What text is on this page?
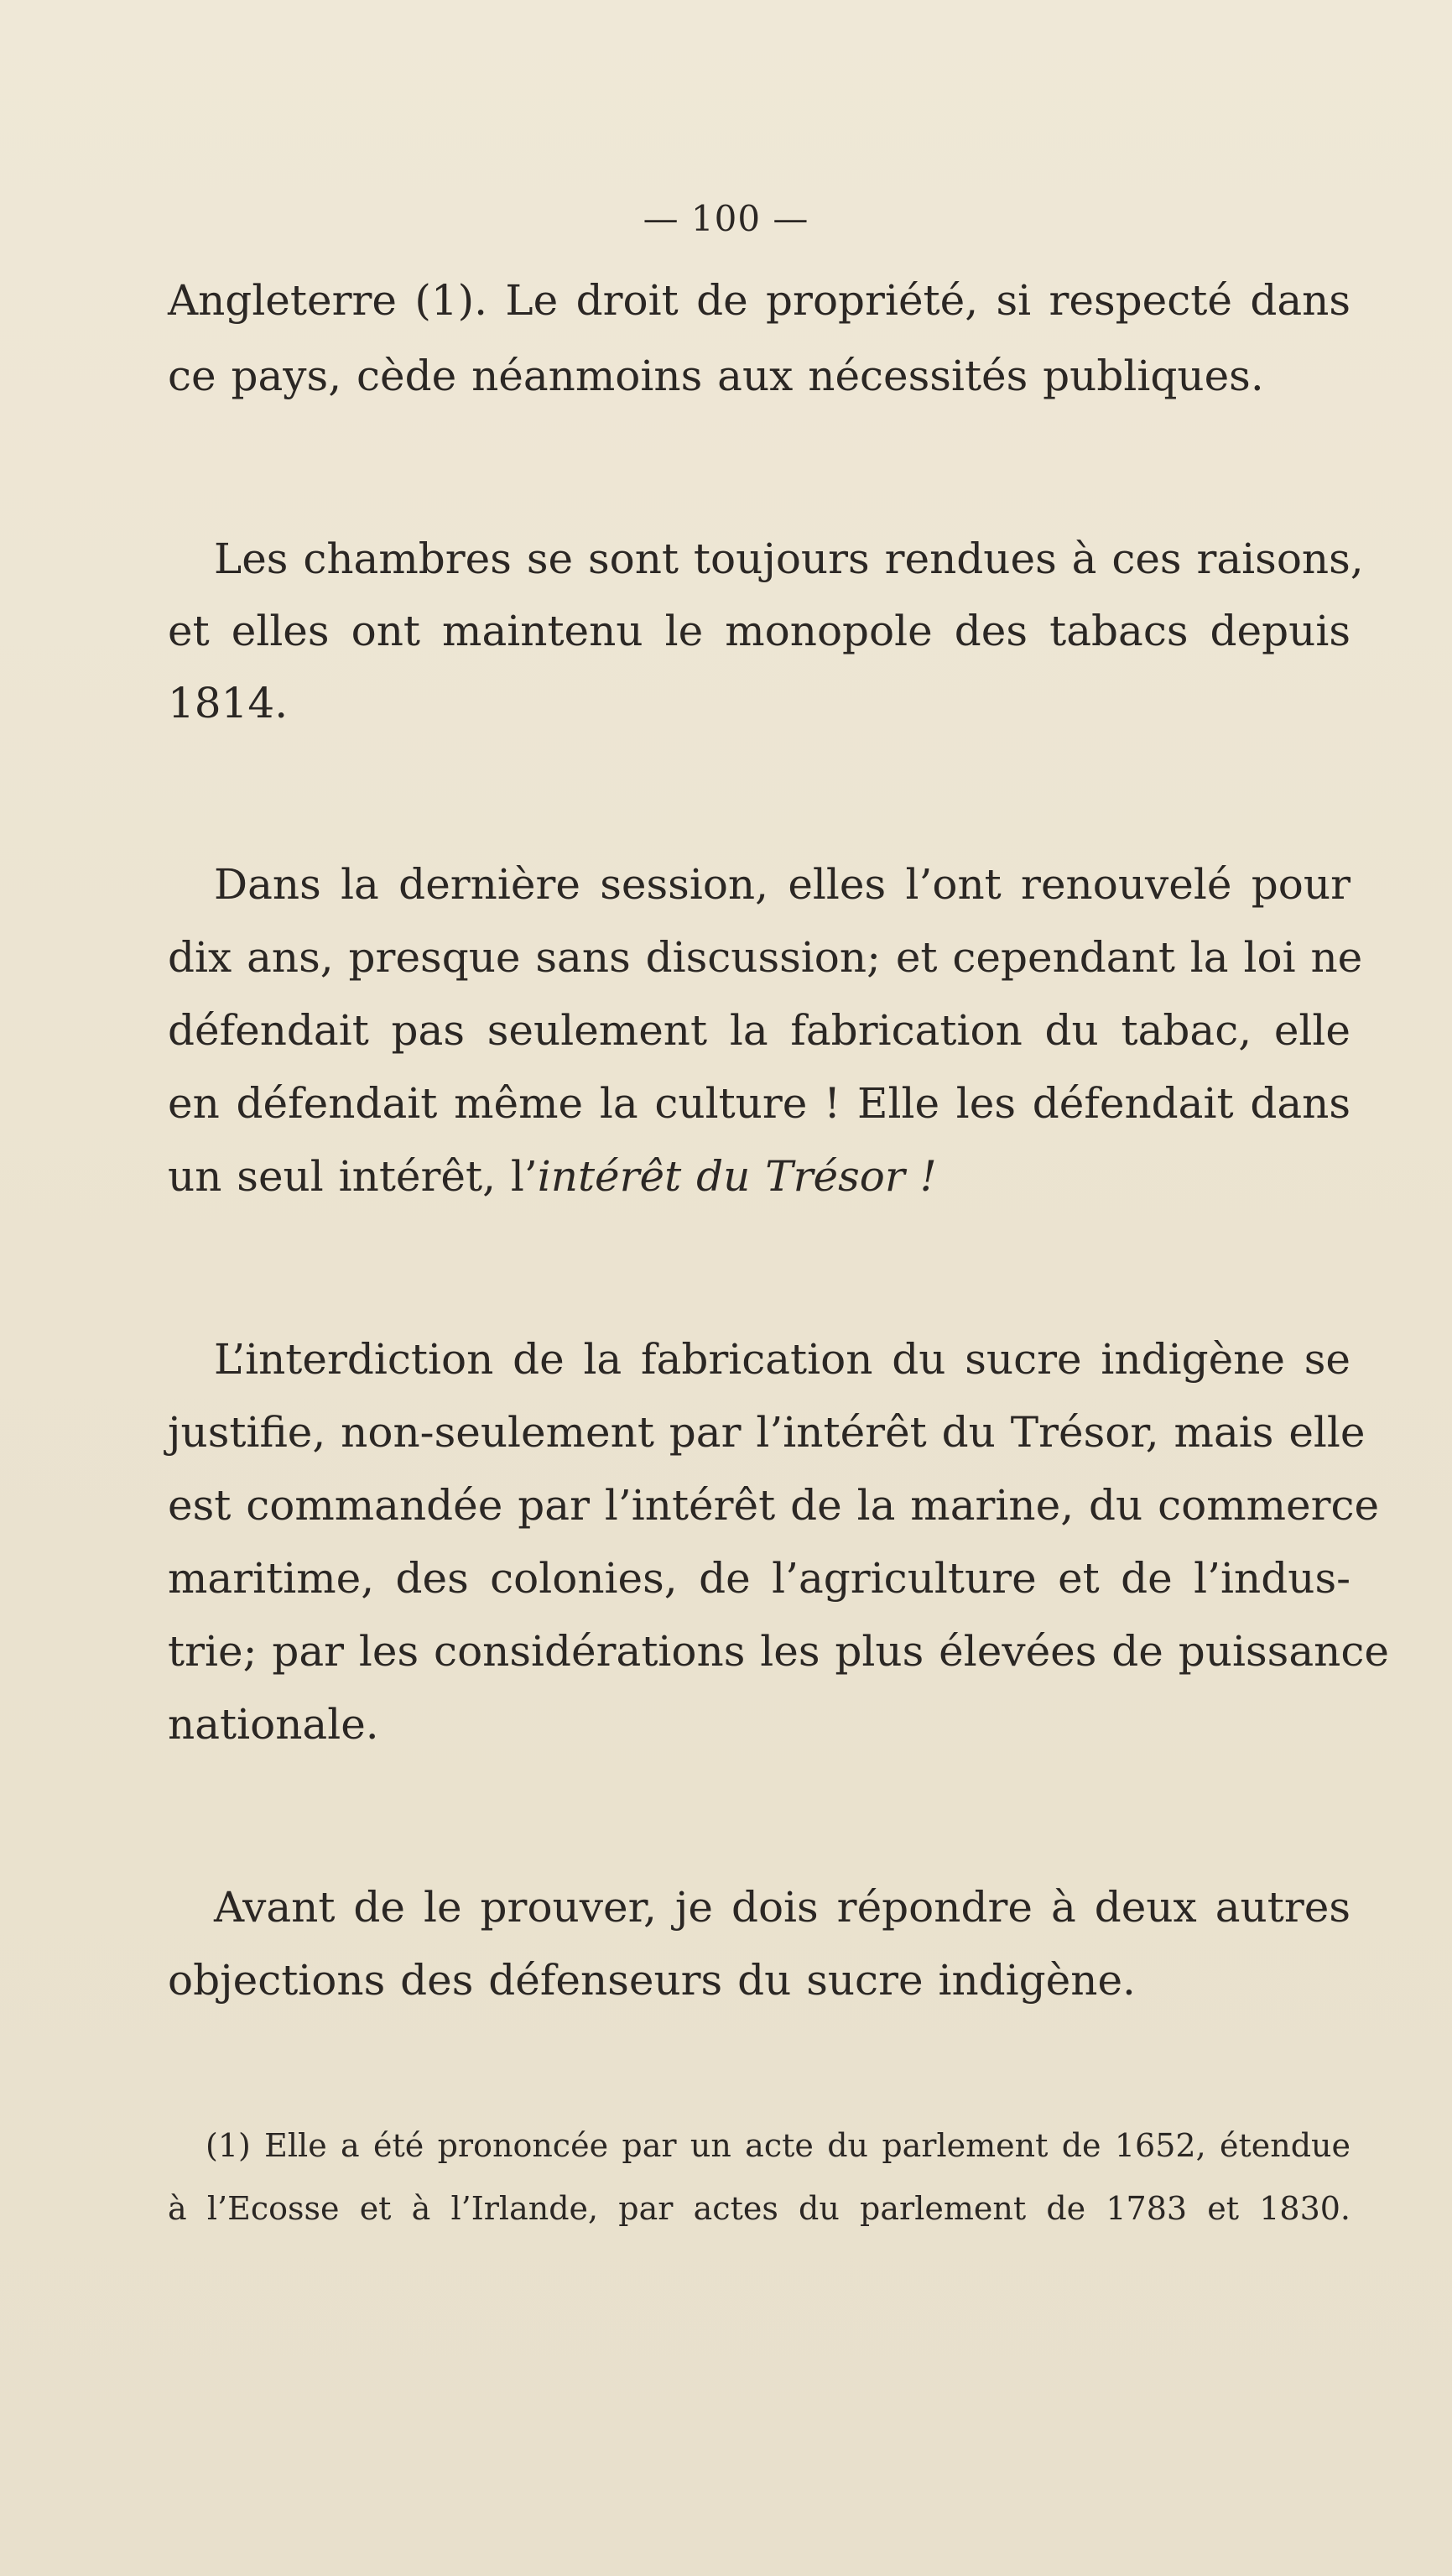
— 100 —
Angleterre (1). Le droit de propriété, si respecté dans
ce pays, cède néanmoins aux nécessités publiques.
Les chambres se sont toujours rendues à ces raisons,
et elles ont maintenu le monopole des tabacs depuis
1814.
Dans la dernière session, elles l’ont renouvelé pour
dix ans, presque sans discussion; et cependant la loi ne
défendait pas seulement la fabrication du tabac, elle
en défendait même la culture ! Elle les défendait dans
un seul intérêt, l’intérêt du Trésor !
L’interdiction de la fabrication du sucre indigène se
justifie, non-seulement par l’intérêt du Trésor, mais elle
est commandée par l’intérêt de la marine, du commerce
maritime, des colonies, de l’agriculture et de l’indus-
trie; par les considérations les plus élevées de puissance
nationale.
Avant de le prouver, je dois répondre à deux autres
objections des défenseurs du sucre indigène.
(1) Elle a été prononcée par un acte du parlement de 1652, étendue
à l’Ecosse et à l’Irlande, par actes du parlement de 1783 et 1830.
